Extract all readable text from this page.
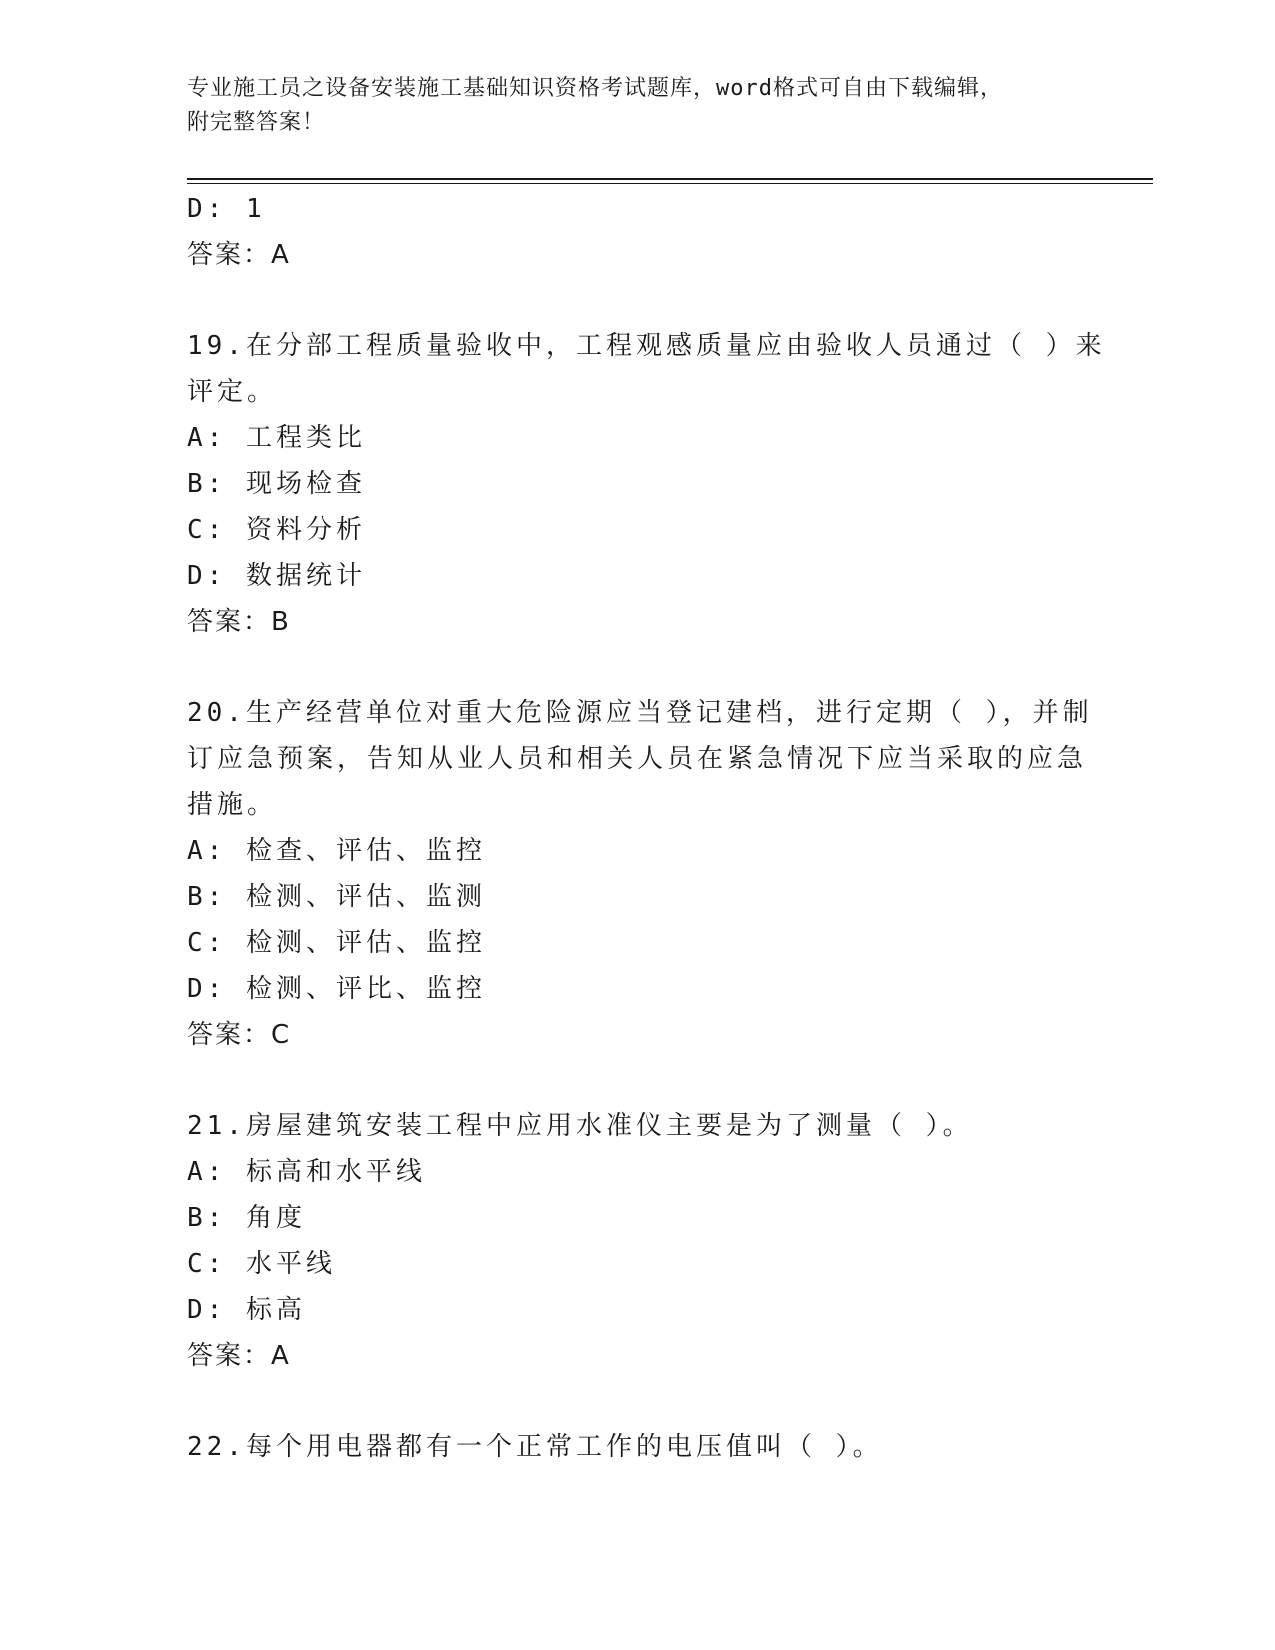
专业施工员之设备安装施工基础知识资格考试题库，word格式可自由下载编辑，
附完整答案！
D: 1
答案：A
19.在分部工程质量验收中，工程观感质量应由验收人员通过（ ）来
评定。
A: 工程类比
B: 现场检查
C: 资料分析
D: 数据统计
答案：B
20.生产经营单位对重大危险源应当登记建档，进行定期（ ），并制
订应急预案，告知从业人员和相关人员在紧急情况下应当采取的应急
措施。
A: 检查、评估、监控
B: 检测、评估、监测
C: 检测、评估、监控
D: 检测、评比、监控
答案：C
21.房屋建筑安装工程中应用水准仪主要是为了测量（ ）。
A: 标高和水平线
B: 角度
C: 水平线
D: 标高
答案：A
22.每个用电器都有一个正常工作的电压值叫（ ）。
